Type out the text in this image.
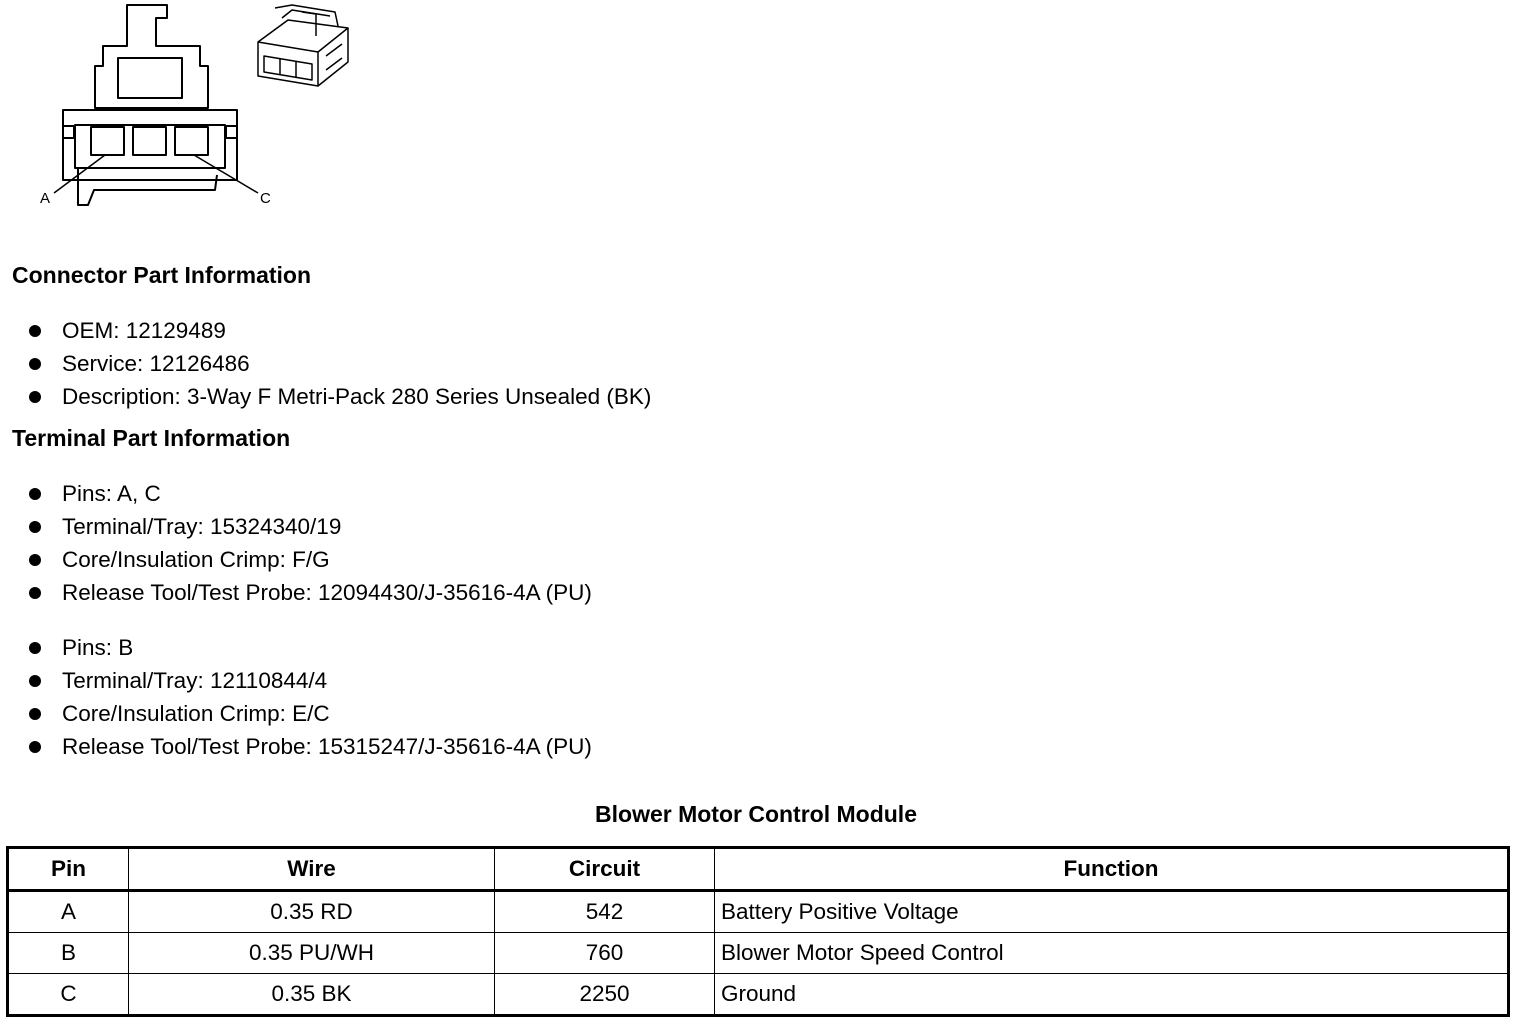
A	C
Connector Part Information
OEM: 12129489
Service: 12126486
Description: 3-Way F Metri-Pack 280 Series Unsealed (BK)
Terminal Part Information
Pins: A, C
Terminal/Tray: 15324340/19
Core/Insulation Crimp: F/G
Release Tool/Test Probe: 12094430/J-35616-4A (PU)
Pins: B
Terminal/Tray: 12110844/4
Core/Insulation Crimp: E/C
Release Tool/Test Probe: 15315247/J-35616-4A (PU)
Blower Motor Control Module
Pin	Wire	Circuit	Function
A	0.35 RD	542	Battery Positive Voltage
B	0.35 PU/WH	760	Blower Motor Speed Control
C	0.35 BK	2250	Ground
